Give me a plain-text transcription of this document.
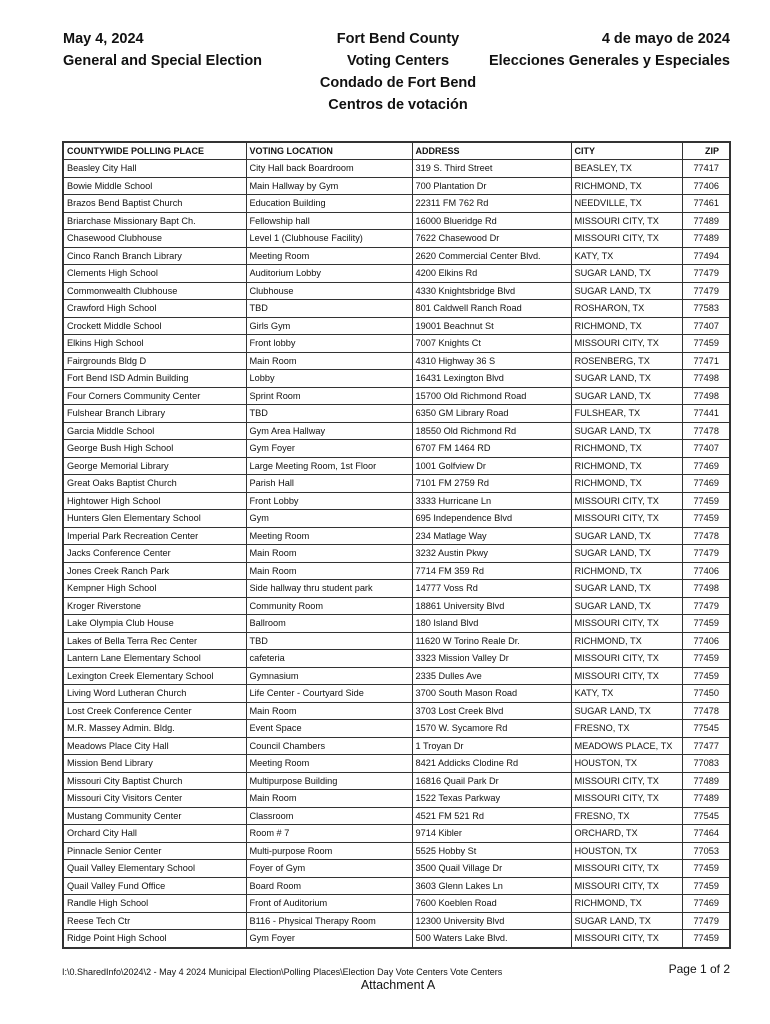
May 4, 2024
General and Special Election
Fort Bend County
Voting Centers
Condado de Fort Bend
Centros de votación
4 de mayo de 2024
Elecciones Generales y Especiales
COUNTYWIDE POLLING PLACE	VOTING LOCATION	ADDRESS	CITY	ZIP
Beasley City Hall	City Hall back Boardroom	319 S. Third Street	BEASLEY, TX	77417
Bowie Middle School	Main Hallway by Gym	700 Plantation Dr	RICHMOND, TX	77406
Brazos Bend Baptist Church	Education Building	22311 FM 762 Rd	NEEDVILLE, TX	77461
Briarchase Missionary Bapt Ch.	Fellowship hall	16000 Blueridge Rd	MISSOURI CITY, TX	77489
Chasewood Clubhouse	Level 1 (Clubhouse Facility)	7622 Chasewood Dr	MISSOURI CITY, TX	77489
Cinco Ranch Branch Library	Meeting Room	2620 Commercial Center Blvd.	KATY, TX	77494
Clements High School	Auditorium Lobby	4200 Elkins Rd	SUGAR LAND, TX	77479
Commonwealth Clubhouse	Clubhouse	4330 Knightsbridge Blvd	SUGAR LAND, TX	77479
Crawford High School	TBD	801 Caldwell Ranch Road	ROSHARON, TX	77583
Crockett Middle School	Girls Gym	19001 Beachnut St	RICHMOND, TX	77407
Elkins High School	Front lobby	7007 Knights Ct	MISSOURI CITY, TX	77459
Fairgrounds Bldg D	Main Room	4310 Highway 36 S	ROSENBERG, TX	77471
Fort Bend ISD Admin Building	Lobby	16431 Lexington Blvd	SUGAR LAND, TX	77498
Four Corners Community Center	Sprint Room	15700 Old Richmond Road	SUGAR LAND, TX	77498
Fulshear Branch Library	TBD	6350 GM Library Road	FULSHEAR, TX	77441
Garcia Middle School	Gym Area Hallway	18550 Old Richmond Rd	SUGAR LAND, TX	77478
George Bush High School	Gym Foyer	6707 FM 1464 RD	RICHMOND, TX	77407
George Memorial Library	Large Meeting Room, 1st Floor	1001 Golfview Dr	RICHMOND, TX	77469
Great Oaks Baptist Church	Parish Hall	7101 FM 2759 Rd	RICHMOND, TX	77469
Hightower High School	Front Lobby	3333 Hurricane Ln	MISSOURI CITY, TX	77459
Hunters Glen Elementary School	Gym	695 Independence Blvd	MISSOURI CITY, TX	77459
Imperial Park Recreation Center	Meeting Room	234 Matlage Way	SUGAR LAND, TX	77478
Jacks Conference Center	Main Room	3232 Austin Pkwy	SUGAR LAND, TX	77479
Jones Creek Ranch Park	Main Room	7714 FM 359 Rd	RICHMOND, TX	77406
Kempner High School	Side hallway thru student park	14777 Voss Rd	SUGAR LAND, TX	77498
Kroger Riverstone	Community Room	18861 University Blvd	SUGAR LAND, TX	77479
Lake Olympia Club House	Ballroom	180 Island Blvd	MISSOURI CITY, TX	77459
Lakes of Bella Terra Rec Center	TBD	11620 W Torino Reale Dr.	RICHMOND, TX	77406
Lantern Lane Elementary School	cafeteria	3323 Mission Valley Dr	MISSOURI CITY, TX	77459
Lexington Creek Elementary School	Gymnasium	2335 Dulles Ave	MISSOURI CITY, TX	77459
Living Word Lutheran Church	Life Center - Courtyard Side	3700 South Mason Road	KATY, TX	77450
Lost Creek Conference Center	Main Room	3703 Lost Creek Blvd	SUGAR LAND, TX	77478
M.R. Massey Admin. Bldg.	Event Space	1570 W. Sycamore Rd	FRESNO, TX	77545
Meadows Place City Hall	Council Chambers	1 Troyan Dr	MEADOWS PLACE, TX	77477
Mission Bend Library	Meeting Room	8421 Addicks Clodine Rd	HOUSTON, TX	77083
Missouri City Baptist Church	Multipurpose Building	16816 Quail Park Dr	MISSOURI CITY, TX	77489
Missouri City Visitors Center	Main Room	1522 Texas Parkway	MISSOURI CITY, TX	77489
Mustang Community Center	Classroom	4521 FM 521 Rd	FRESNO, TX	77545
Orchard City Hall	Room # 7	9714 Kibler	ORCHARD, TX	77464
Pinnacle Senior Center	Multi-purpose Room	5525 Hobby St	HOUSTON, TX	77053
Quail Valley Elementary School	Foyer of Gym	3500 Quail Village Dr	MISSOURI CITY, TX	77459
Quail Valley Fund Office	Board Room	3603 Glenn Lakes Ln	MISSOURI CITY, TX	77459
Randle High School	Front of Auditorium	7600 Koeblen Road	RICHMOND, TX	77469
Reese Tech Ctr	B116 - Physical Therapy Room	12300 University Blvd	SUGAR LAND, TX	77479
Ridge Point High School	Gym Foyer	500 Waters Lake Blvd.	MISSOURI CITY, TX	77459
I:\0.SharedInfo\2024\2 - May 4 2024 Municipal Election\Polling Places\Election Day Vote Centers Vote Centers	Page 1 of 2
Attachment A
